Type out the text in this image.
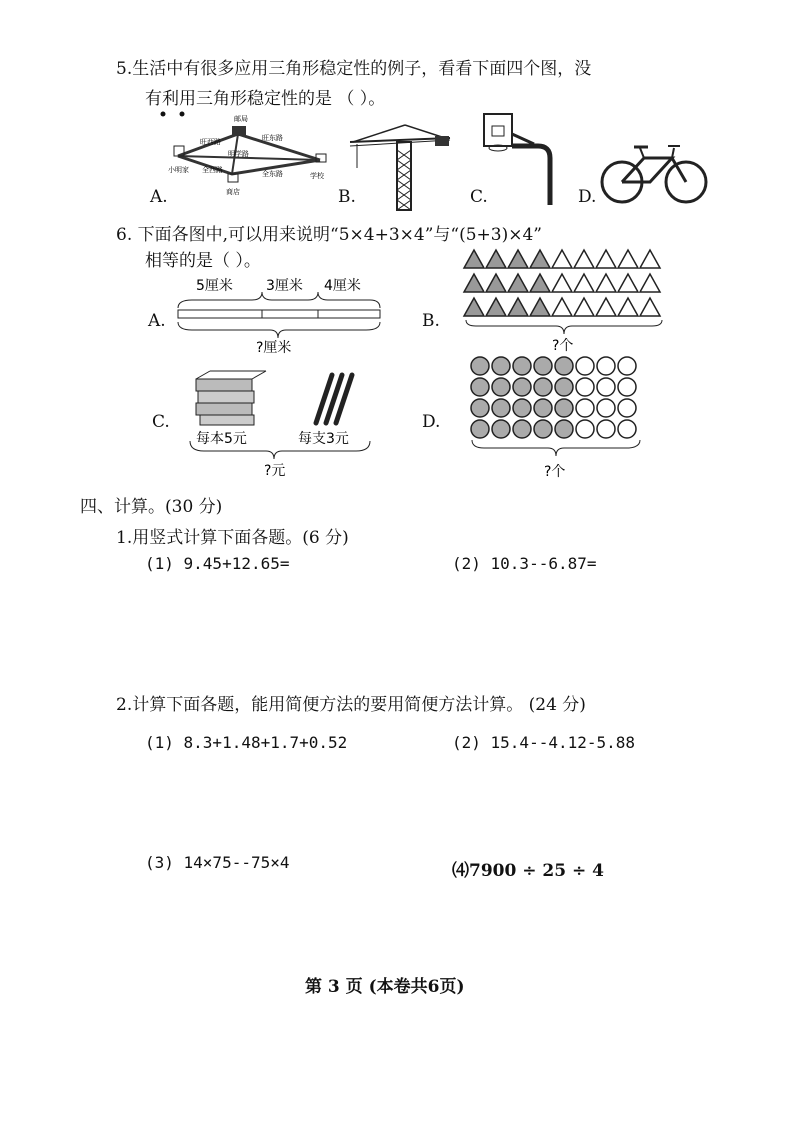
5.生活中有很多应用三角形稳定性的例子，看看下面四个图，没
有利用三角形稳定性的是 （ ）。
邮局
旺西路
明学路
旺东路
全西路	全东路
小明家
商店
学校
A.	B.	C.	D.
6. 下面各图中,可以用来说明“5×4+3×4”与“(5+3)×4”
相等的是（ ）。
A.
5厘米 3厘米 4厘米
?厘米
B.
?个
C.
每本5元	每支3元
?元
D.
?个
四、计算。(30 分)
1.用竖式计算下面各题。(6 分)
(1) 9.45+12.65=	(2) 10.3--6.87=
2.计算下面各题，能用简便方法的要用简便方法计算。 (24 分)
(1) 8.3+1.48+1.7+0.52	(2) 15.4--4.12-5.88
(3) 14×75--75×4	⑷7900 ÷ 25 ÷ 4
第 3 页 (本卷共6页)
